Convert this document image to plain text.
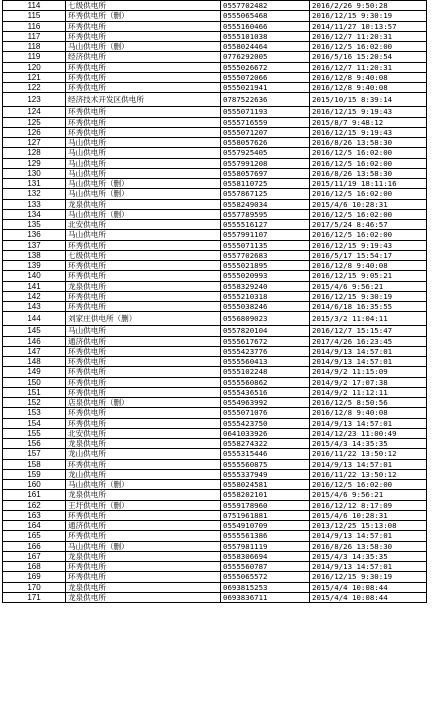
114	七级供电所	0557702482	2016/2/26 9:50:28
115	环秀供电所（删）	0555065468	2016/12/15 9:30:19
116	环秀供电所	0555160466	2014/11/27 10:13:57
117	环秀供电所	0555101038	2016/12/7 11:20:31
118	马山供电所（删）	0558024464	2016/12/5 16:02:00
119	经济供电所	0776292005	2016/5/16 15:20:54
120	环秀供电所	0555026672	2016/12/7 11:20:31
121	环秀供电所	0555072066	2016/12/8 9:40:08
122	环秀供电所	0555021941	2016/12/8 9:40:08
123	经济技术开发区供电所	0787522636	2015/10/15 8:39:14
124	环秀供电所	0555071193	2016/12/15 9:19:43
125	环秀供电所	0555716559	2015/8/7 9:48:12
126	环秀供电所	0555071207	2016/12/15 9:19:43
127	马山供电所	0558057626	2016/8/26 13:58:30
128	马山供电所	0557925405	2016/12/5 16:02:00
129	马山供电所	0557991208	2016/12/5 16:02:00
130	马山供电所	0558057697	2016/8/26 13:58:30
131	马山供电所（删）	0558110725	2015/11/19 18:11:16
132	马山供电所（删）	0557867125	2016/12/5 16:02:00
133	龙泉供电所	0558249034	2015/4/6 10:28:31
134	马山供电所（删）	0557789595	2016/12/5 16:02:00
135	北安供电所	0555516127	2017/5/24 8:46:57
136	马山供电所	0557991107	2016/12/5 16:02:00
137	环秀供电所	0555071135	2016/12/15 9:19:43
138	七级供电所	0557702683	2016/5/17 15:54:17
139	环秀供电所	0555021895	2016/12/8 9:40:08
140	环秀供电所	0555020993	2016/12/15 9:05:21
141	龙泉供电所	0558329240	2015/4/6 9:56:21
142	环秀供电所	0555210318	2016/12/15 9:30:19
143	环秀供电所	0555038246	2014/6/18 16:35:55
144	刘家庄供电所（删）	0556809023	2015/3/2 11:04:11
145	马山供电所	0557820104	2016/12/7 15:15:47
146	通济供电所	0555617672	2017/4/26 16:23:45
147	环秀供电所	0555423776	2014/9/13 14:57:01
148	环秀供电所	0555560413	2014/9/13 14:57:01
149	环秀供电所	0555102248	2014/9/2 11:15:09
150	环秀供电所	0555560862	2014/9/2 17:07:38
151	环秀供电所	0555436516	2014/9/2 11:12:11
152	店泉供电所（删）	0554963992	2016/12/5 8:50:56
153	环秀供电所	0555071076	2016/12/8 9:40:08
154	环秀供电所	0555423750	2014/9/13 14:57:01
155	北安供电所	0641033926	2014/12/23 11:00:49
156	龙泉供电所	0558274322	2015/4/3 14:35:35
157	龙山供电所	0555315446	2016/11/22 13:50:12
158	环秀供电所	0555560875	2014/9/13 14:57:01
159	龙山供电所	0555337949	2016/11/22 13:50:12
160	马山供电所（删）	0558024581	2016/12/5 16:02:00
161	龙泉供电所	0558202101	2015/4/6 9:56:21
162	王圩供电所（删）	0559178960	2016/12/12 8:17:09
163	环秀供电所	0751961881	2015/4/6 10:28:31
164	通济供电所	0554910709	2013/12/25 15:13:08
165	环秀供电所	0555561386	2014/9/13 14:57:01
166	马山供电所（删）	0557981119	2016/8/26 13:58:30
167	龙泉供电所	0558306694	2015/4/3 14:35:35
168	环秀供电所	0555560787	2014/9/13 14:57:01
169	环秀供电所	0555065572	2016/12/15 9:30:19
170	龙泉供电所	0693815253	2015/4/4 10:08:44
171	龙泉供电所	0693836711	2015/4/4 10:08:44
